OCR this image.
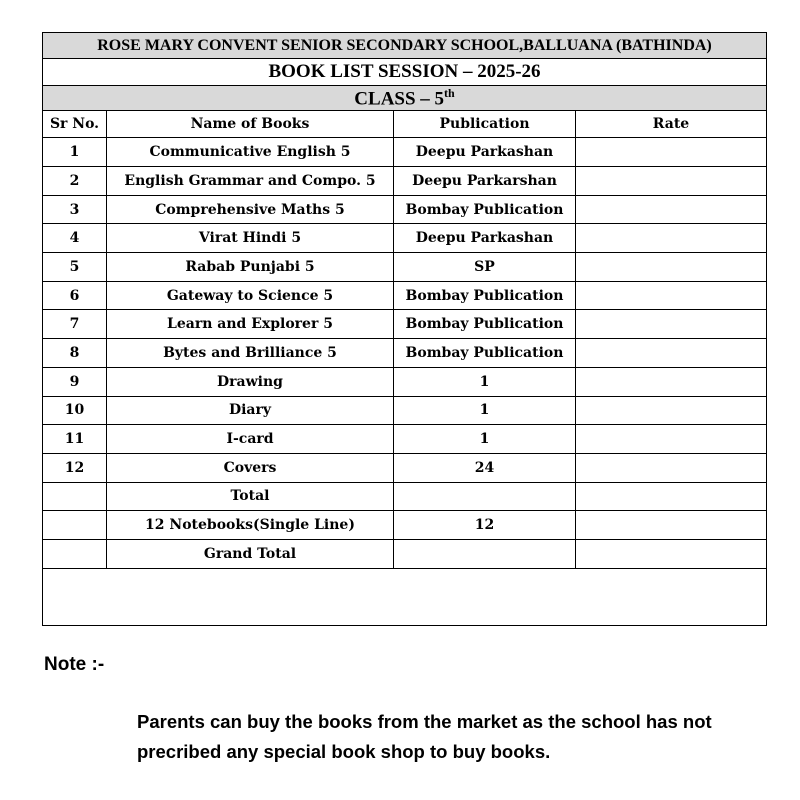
ROSE MARY CONVENT SENIOR SECONDARY SCHOOL,BALLUANA (BATHINDA)			
BOOK LIST SESSION – 2025-26			
CLASS – 5th
Sr No.	Name of Books	Publication	Rate
1	Communicative English 5	Deepu Parkashan	
2	English Grammar and Compo. 5	Deepu Parkarshan	
3	Comprehensive Maths 5	Bombay Publication	
4	Virat Hindi 5	Deepu Parkashan	
5	Rabab Punjabi 5	SP	
6	Gateway to Science 5	Bombay Publication	
7	Learn and Explorer 5	Bombay Publication	
8	Bytes and Brilliance 5	Bombay Publication	
9	Drawing	1	
10	Diary	1	
11	I-card	1	
12	Covers	24	
	Total		
	12 Notebooks(Single Line)	12	
	Grand Total		

Note :-
Parents can buy the books from the market as the school has not precribed any special book shop to buy books.
